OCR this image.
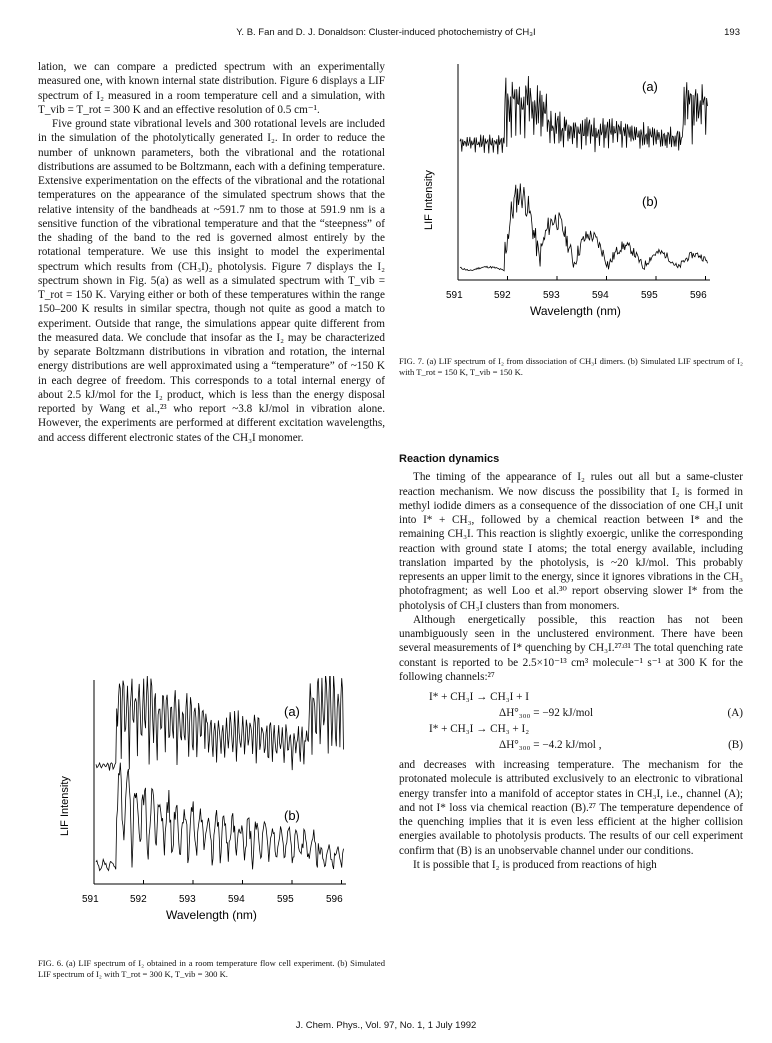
Y. B. Fan and D. J. Donaldson: Cluster-induced photochemistry of CH₃I	193

lation, we can compare a predicted spectrum with an experimentally measured one, with known internal state distribution. Figure 6 displays a LIF spectrum of I₂ measured in a room temperature cell and a simulation, with T_vib = T_rot = 300 K and an effective resolution of 0.5 cm⁻¹.

Five ground state vibrational levels and 300 rotational levels are included in the simulation of the photolytically generated I₂. In order to reduce the number of unknown parameters, both the vibrational and the rotational distributions are assumed to be Boltzmann, each with a defining temperature. Extensive experimentation on the effects of the vibrational and the rotational temperatures on the appearance of the simulated spectrum shows that the relative intensity of the bandheads at ~591.7 nm to those at 591.9 nm is a sensitive function of the vibrational temperature and that the “steepness” of the shading of the band to the red is governed almost entirely by the rotational temperature. We use this insight to model the experimental spectrum which results from (CH₃I)₂ photolysis. Figure 7 displays the I₂ spectrum shown in Fig. 5(a) as well as a simulated spectrum with T_vib = T_rot = 150 K. Varying either or both of these temperatures within the range 150–200 K results in similar spectra, though not quite as good a match to experiment. Outside that range, the simulations appear quite different from the measured data. We conclude that insofar as the I₂ may be characterized by separate Boltzmann distributions in vibration and rotation, the internal energy distributions are well approximated using a “temperature” of ~150 K in each degree of freedom. This corresponds to a total internal energy of about 2.5 kJ/mol for the I₂ product, which is less than the energy disposal reported by Wang et al.,²³ who report ~3.8 kJ/mol in vibration alone. However, the experiments are performed at different excitation wavelengths, and access different electronic states of the CH₃I monomer.

LIF Intensity
(a)
(b)
591	592	593	594	595	596
Wavelength (nm)
FIG. 7. (a) LIF spectrum of I₂ from dissociation of CH₃I dimers. (b) Simulated LIF spectrum of I₂ with T_rot = 150 K, T_vib = 150 K.
LIF Intensity
(a)
(b)
591	592	593	594	595	596
Wavelength (nm)
FIG. 6. (a) LIF spectrum of I₂ obtained in a room temperature flow cell experiment. (b) Simulated LIF spectrum of I₂ with T_rot = 300 K, T_vib = 300 K.
Reaction dynamics

The timing of the appearance of I₂ rules out all but a same-cluster reaction mechanism. We now discuss the possibility that I₂ is formed in methyl iodide dimers as a consequence of the dissociation of one CH₃I unit into I* + CH₃, followed by a chemical reaction between I* and the remaining CH₃I. This reaction is slightly exoergic, unlike the corresponding reaction with ground state I atoms; the total energy available, including translation imparted by the photolysis, is ~20 kJ/mol. This probably represents an upper limit to the energy, since it ignores vibrations in the CH₃ photofragment; as well Loo et al.³⁰ report observing slower I* from the photolysis of CH₃I clusters than from monomers.

Although energetically possible, this reaction has not been unambiguously seen in the unclustered environment. There have been several measurements of I* quenching by CH₃I.²⁷ʴ³¹ The total quenching rate constant is reported to be 2.5×10⁻¹³ cm³ molecule⁻¹ s⁻¹ at 300 K for the following channels:²⁷

I* + CH₃I → CH₃I + I
ΔH°₃₀₀ = −92 kJ/mol	(A)
I* + CH₃I → CH₃ + I₂
ΔH°₃₀₀ = −4.2 kJ/mol ,	(B)

and decreases with increasing temperature. The mechanism for the protonated molecule is attributed exclusively to an electronic to vibrational energy transfer into a manifold of acceptor states in CH₃I, i.e., channel (A); and not I* loss via chemical reaction (B).²⁷ The temperature dependence of the quenching implies that it is even less efficient at the higher collision energies available to photolysis products. The results of our cell experiment confirm that (B) is an unobservable channel under our conditions.

It is possible that I₂ is produced from reactions of high

J. Chem. Phys., Vol. 97, No. 1, 1 July 1992
